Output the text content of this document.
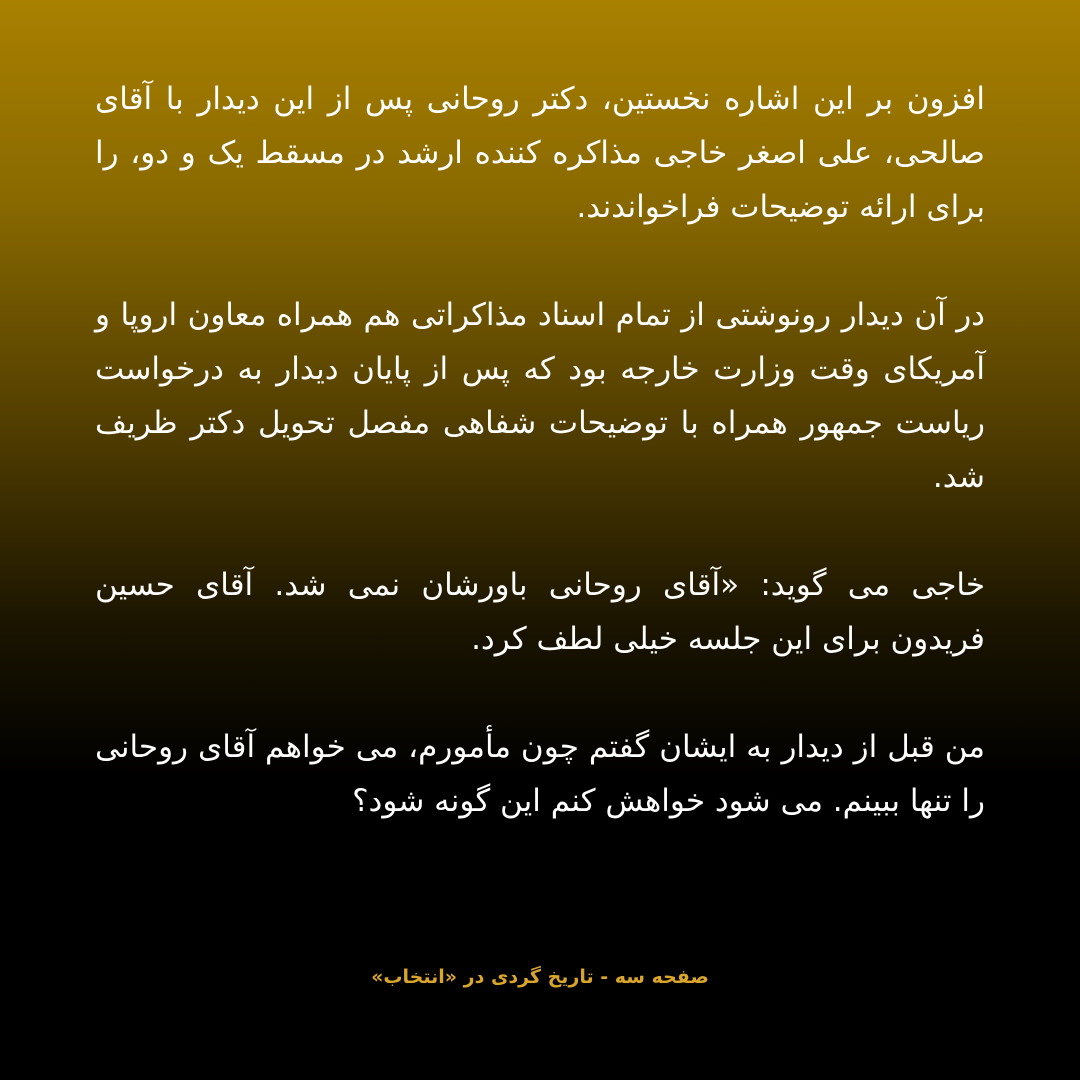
افزون بر این اشاره نخستین، دکتر روحانی پس از این دیدار با آقای صالحی، علی اصغر خاجی مذاکره کننده ارشد در مسقط یک و دو، را برای ارائه توضیحات فراخواندند.

در آن دیدار رونوشتی از تمام اسناد مذاکراتی هم همراه معاون اروپا و آمریکای وقت وزارت خارجه بود که پس از پایان دیدار به درخواست ریاست جمهور همراه با توضیحات شفاهی مفصل تحویل دکتر ظریف شد.

خاجی می گوید: «آقای روحانی باورشان نمی شد. آقای حسین فریدون برای این جلسه خیلی لطف کرد.

من قبل از دیدار به ایشان گفتم چون مأمورم، می خواهم آقای روحانی را تنها ببینم. می شود خواهش کنم این گونه شود؟

صفحه سه - تاریخ گردی در «انتخاب»
